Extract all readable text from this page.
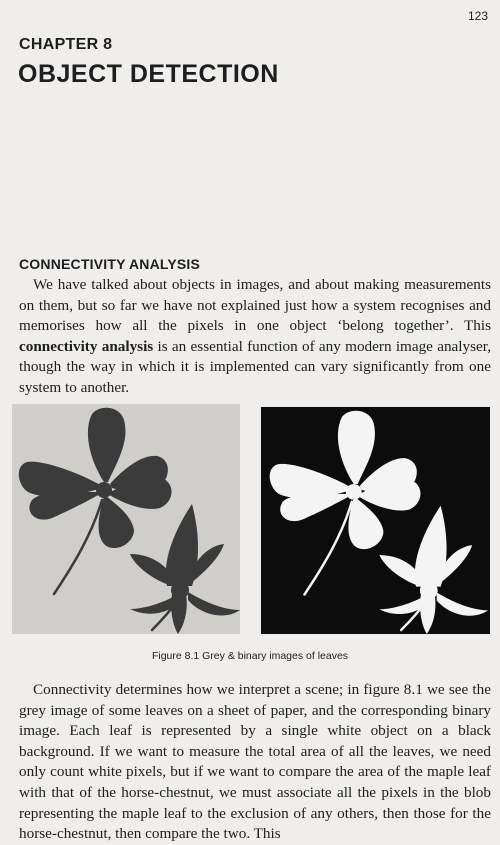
123
CHAPTER 8
OBJECT DETECTION
CONNECTIVITY ANALYSIS

We have talked about objects in images, and about making measurements on them, but so far we have not explained just how a system recognises and memorises how all the pixels in one object ‘belong together’. This connectivity analysis is an essential function of any modern image analyser, though the way in which it is implemented can vary significantly from one system to another.

Figure 8.1 Grey & binary images of leaves

Connectivity determines how we interpret a scene; in figure 8.1 we see the grey image of some leaves on a sheet of paper, and the corresponding binary image. Each leaf is represented by a single white object on a black background. If we want to measure the total area of all the leaves, we need only count white pixels, but if we want to compare the area of the maple leaf with that of the horse-chestnut, we must associate all the pixels in the blob representing the maple leaf to the exclusion of any others, then those for the horse-chestnut, then compare the two. This
